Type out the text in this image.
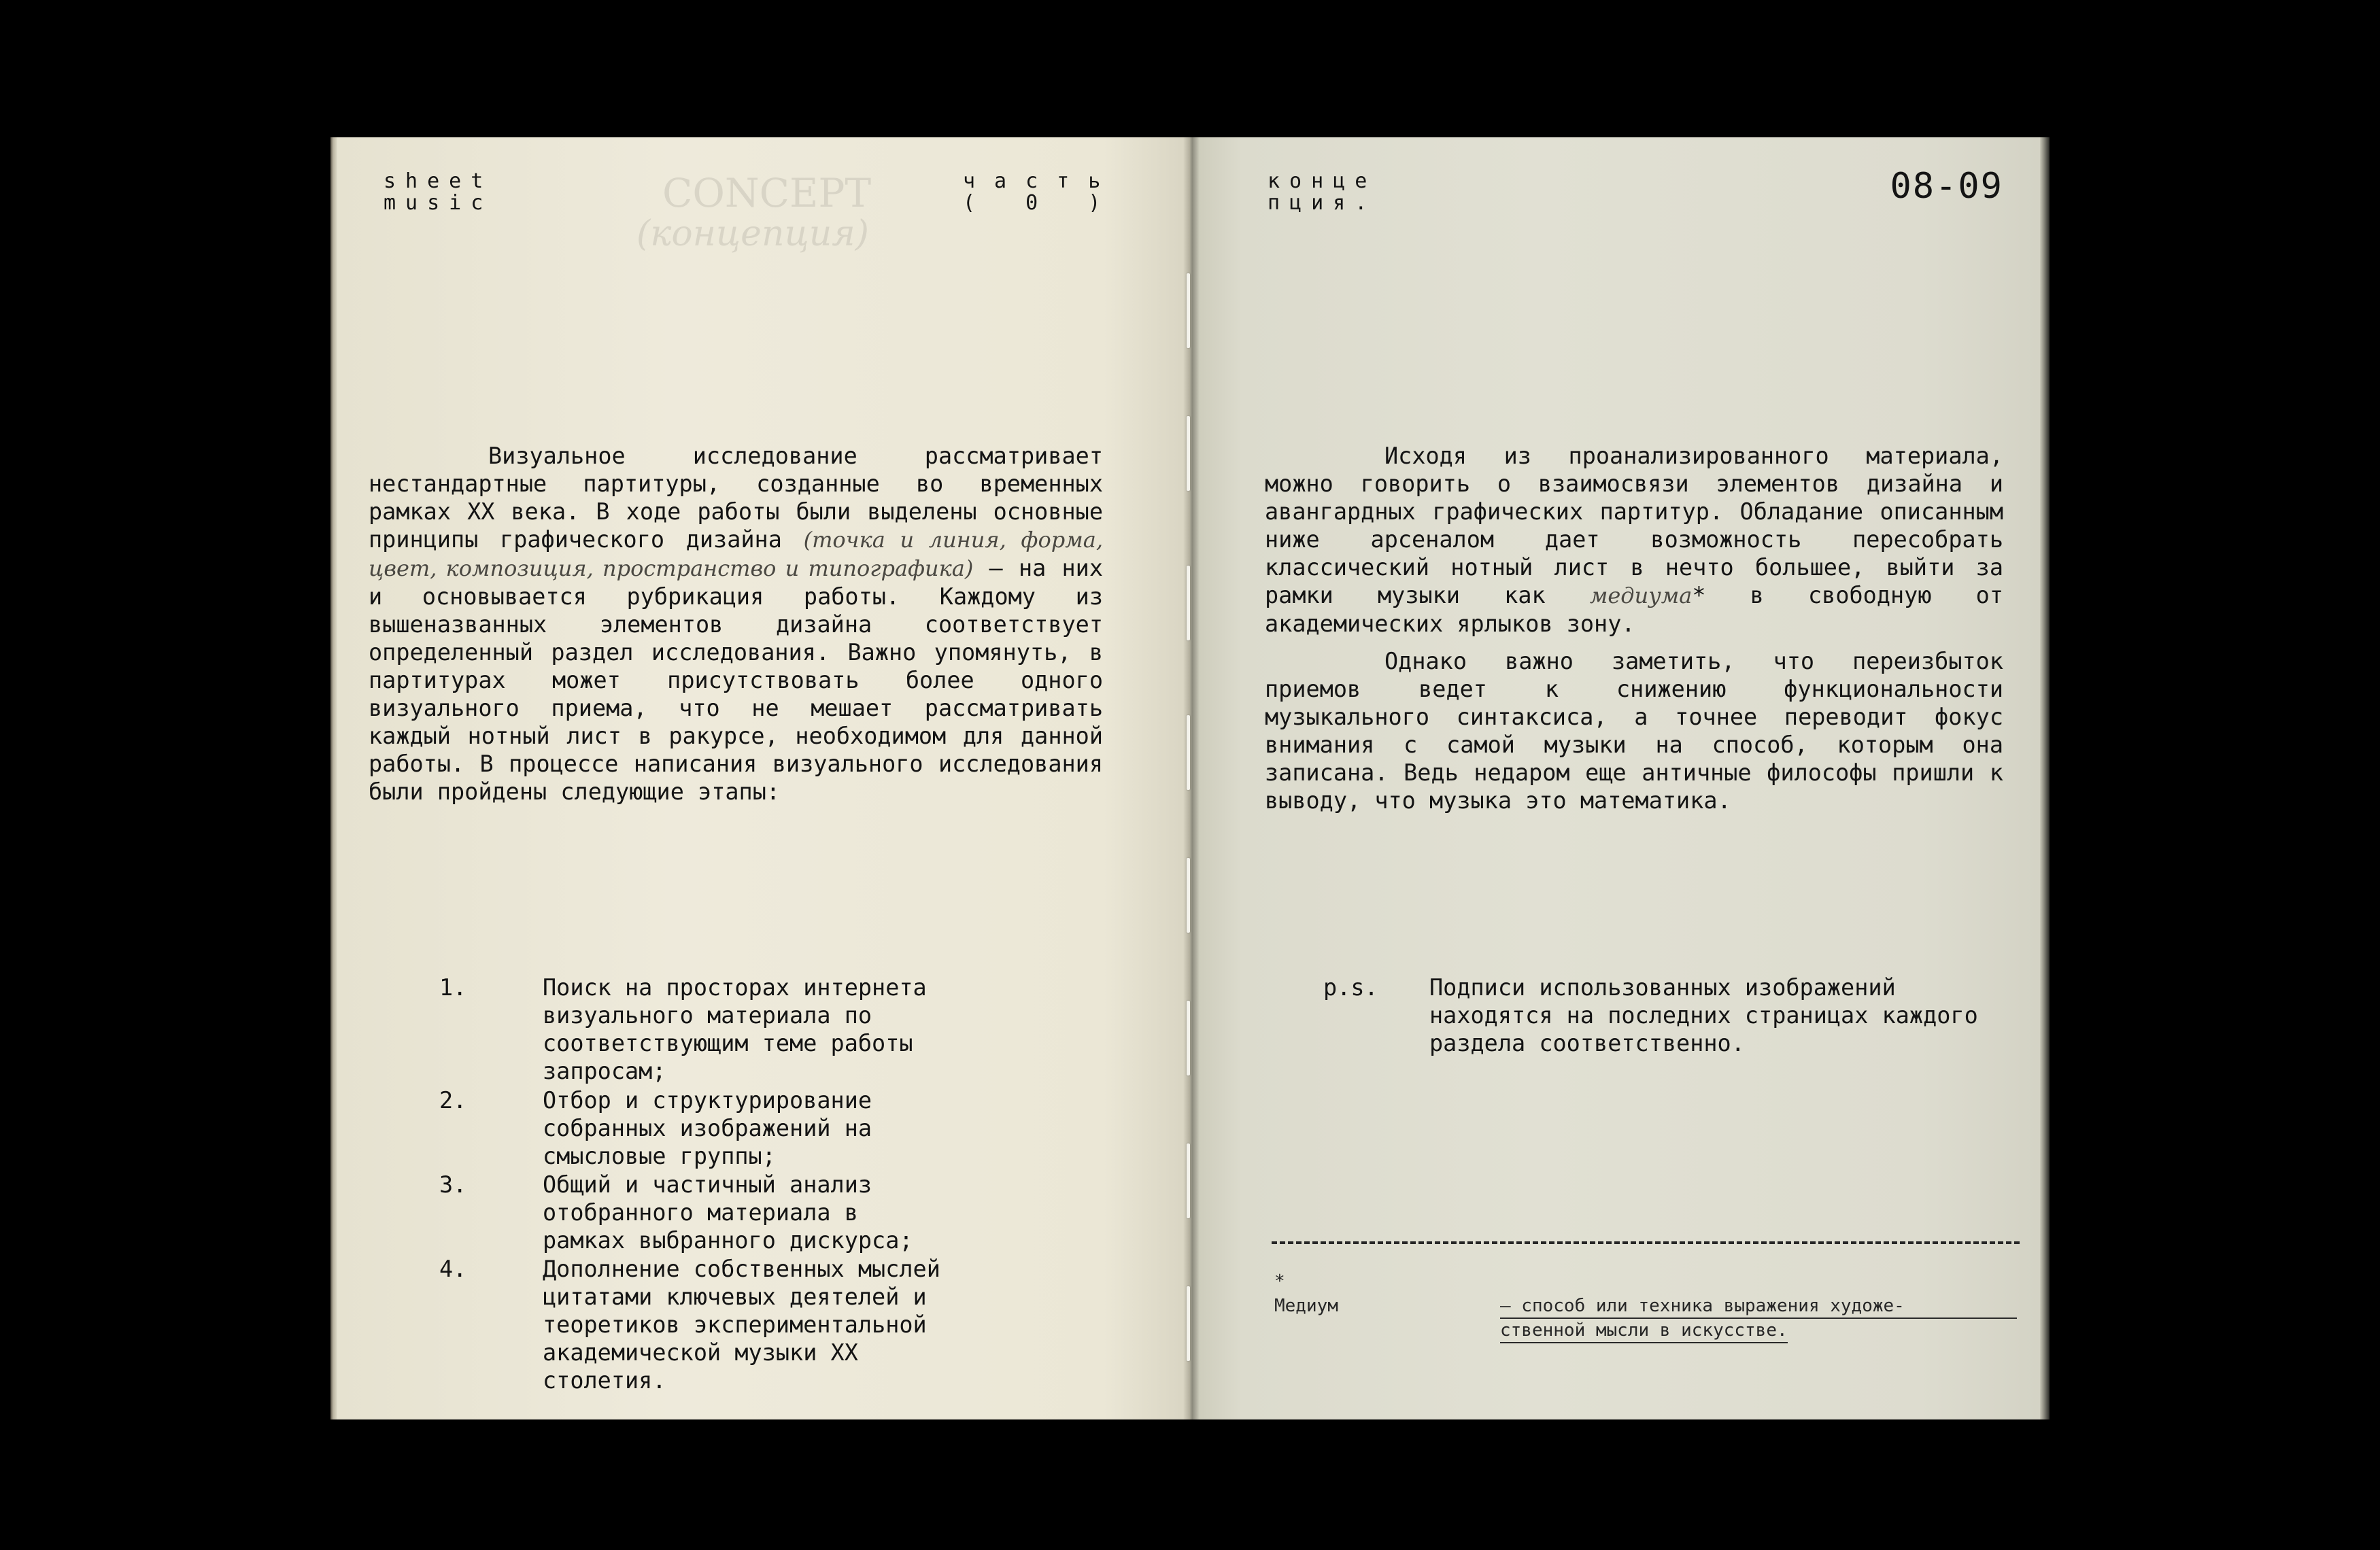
CONCEPT
(концепция)
sheet
music
часть
( 0 )

Визуальное исследование рассматривает нестандартные партитуры, созданные во временных рамках XX века. В ходе работы были выделены основные принципы графического дизайна (точка и линия, форма, цвет, композиция, пространство и типографика) — на них и основывается рубрикация работы. Каждому из вышеназванных элементов дизайна соответствует определенный раздел исследования. Важно упомянуть, в партитурах может присутствовать более одного визуального приема, что не мешает рассматривать каждый нотный лист в ракурсе, необходимом для данной работы. В процессе написания визуального исследования были пройдены следующие этапы:

1.	Поиск на просторах интернета визуального материала по соответствующим теме работы запросам;
2.	Отбор и структурирование собранных изображений на смысловые группы;
3.	Общий и частичный анализ отобранного материала в рамках выбранного дискурса;
4.	Дополнение собственных мыслей цитатами ключевых деятелей и теоретиков экспериментальной академической музыки XX столетия.
конце
пция.	08-09

Исходя из проанализированного материала, можно говорить о взаимосвязи элементов дизайна и авангардных графических партитур. Обладание описанным ниже арсеналом дает возможность пересобрать классический нотный лист в нечто большее, выйти за рамки музыки как медиума* в свободную от академических ярлыков зону.

Однако важно заметить, что переизбыток приемов ведет к снижению функциональности музыкального синтаксиса, а точнее переводит фокус внимания с самой музыки на способ, которым она записана. Ведь недаром еще античные философы пришли к выводу, что музыка это математика.

p.s. Подписи использованных изображений находятся на последних страницах каждого раздела соответственно.
*
Медиум	— способ или техника выражения художе-
ственной мысли в искусстве.
